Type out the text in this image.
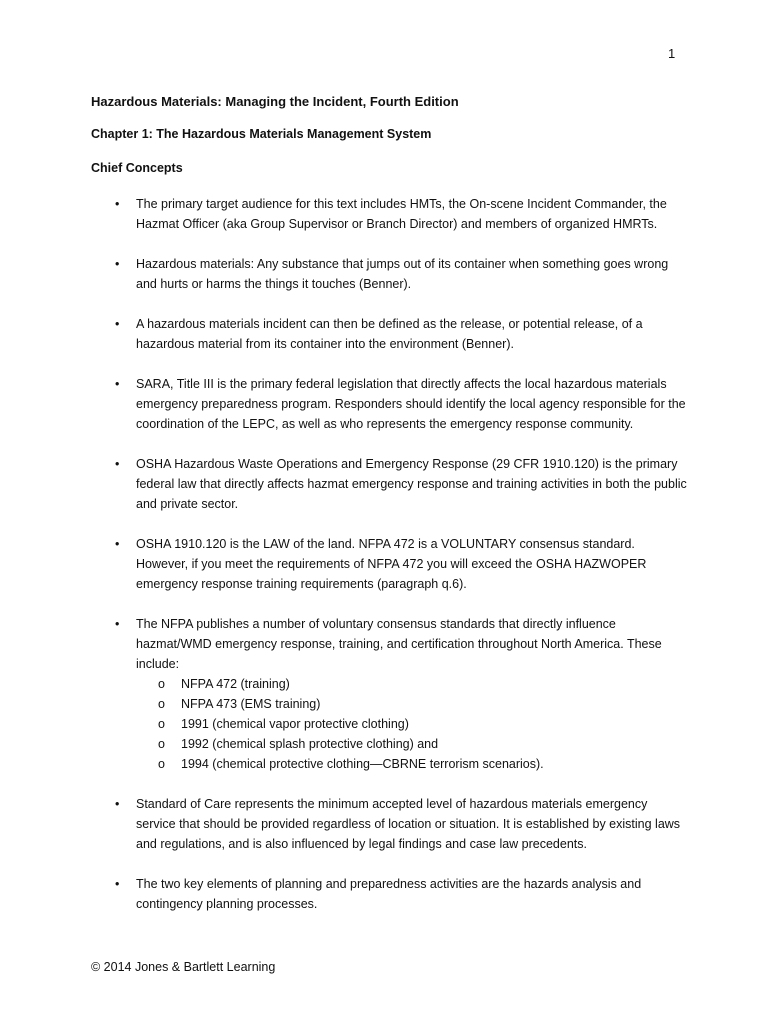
1
Hazardous Materials: Managing the Incident, Fourth Edition
Chapter 1: The Hazardous Materials Management System
Chief Concepts
• The primary target audience for this text includes HMTs, the On-scene Incident Commander, the Hazmat Officer (aka Group Supervisor or Branch Director) and members of organized HMRTs.
• Hazardous materials: Any substance that jumps out of its container when something goes wrong and hurts or harms the things it touches (Benner).
• A hazardous materials incident can then be defined as the release, or potential release, of a hazardous material from its container into the environment (Benner).
• SARA, Title III is the primary federal legislation that directly affects the local hazardous materials emergency preparedness program. Responders should identify the local agency responsible for the coordination of the LEPC, as well as who represents the emergency response community.
• OSHA Hazardous Waste Operations and Emergency Response (29 CFR 1910.120) is the primary federal law that directly affects hazmat emergency response and training activities in both the public and private sector.
• OSHA 1910.120 is the LAW of the land. NFPA 472 is a VOLUNTARY consensus standard. However, if you meet the requirements of NFPA 472 you will exceed the OSHA HAZWOPER emergency response training requirements (paragraph q.6).
• The NFPA publishes a number of voluntary consensus standards that directly influence hazmat/WMD emergency response, training, and certification throughout North America. These include:
o NFPA 472 (training)
o NFPA 473 (EMS training)
o 1991 (chemical vapor protective clothing)
o 1992 (chemical splash protective clothing) and
o 1994 (chemical protective clothing—CBRNE terrorism scenarios).
• Standard of Care represents the minimum accepted level of hazardous materials emergency service that should be provided regardless of location or situation. It is established by existing laws and regulations, and is also influenced by legal findings and case law precedents.
• The two key elements of planning and preparedness activities are the hazards analysis and contingency planning processes.
© 2014 Jones & Bartlett Learning
